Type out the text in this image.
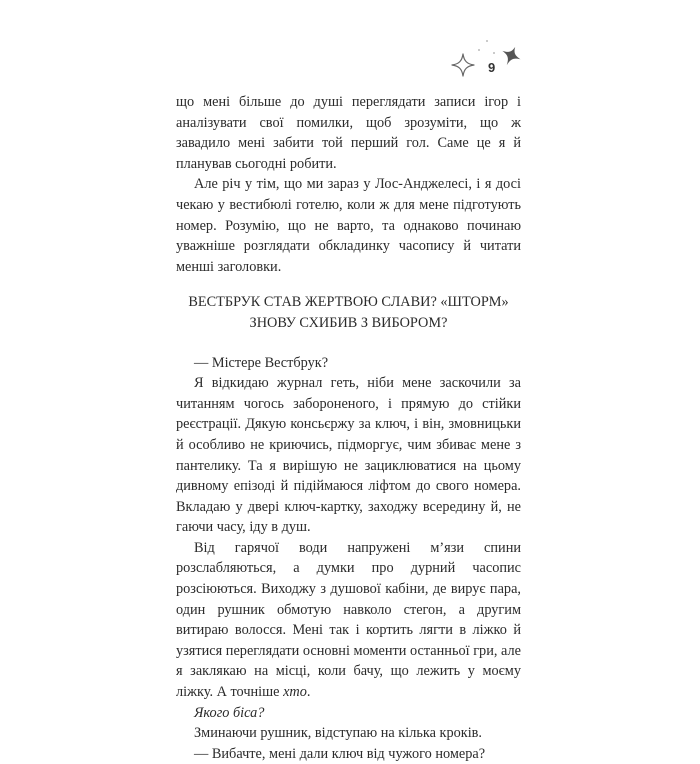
9

що мені більше до душі переглядати записи ігор і аналізувати свої помилки, щоб зрозуміти, що ж завадило мені забити той перший гол. Саме це я й планував сьогодні робити.

Але річ у тім, що ми зараз у Лос-Анджелесі, і я досі чекаю у вестибюлі готелю, коли ж для мене підготують номер. Розумію, що не варто, та однаково починаю уважніше розглядати обкладинку часопису й читати менші заголовки.

ВЕСТБРУК СТАВ ЖЕРТВОЮ СЛАВИ? «ШТОРМ» ЗНОВУ СХИБИВ З ВИБОРОМ?

— Містере Вестбрук?

Я відкидаю журнал геть, ніби мене заскочили за читанням чогось забороненого, і прямую до стійки реєстрації. Дякую консьєржу за ключ, і він, змовницьки й особливо не криючись, підморгує, чим збиває мене з пантелику. Та я вирішую не зациклюватися на цьому дивному епізоді й підіймаюся ліфтом до свого номера. Вкладаю у двері ключ-картку, заходжу всередину й, не гаючи часу, іду в душ.

Від гарячої води напружені м’язи спини розслабляються, а думки про дурний часопис розсіюються. Виходжу з душової кабіни, де вирує пара, один рушник обмотую навколо стегон, а другим витираю волосся. Мені так і кортить лягти в ліжко й узятися переглядати основні моменти останньої гри, але я заклякаю на місці, коли бачу, що лежить у моєму ліжку. А точніше хто.

Якого біса?

Зминаючи рушник, відступаю на кілька кроків.

— Вибачте, мені дали ключ від чужого номера?
